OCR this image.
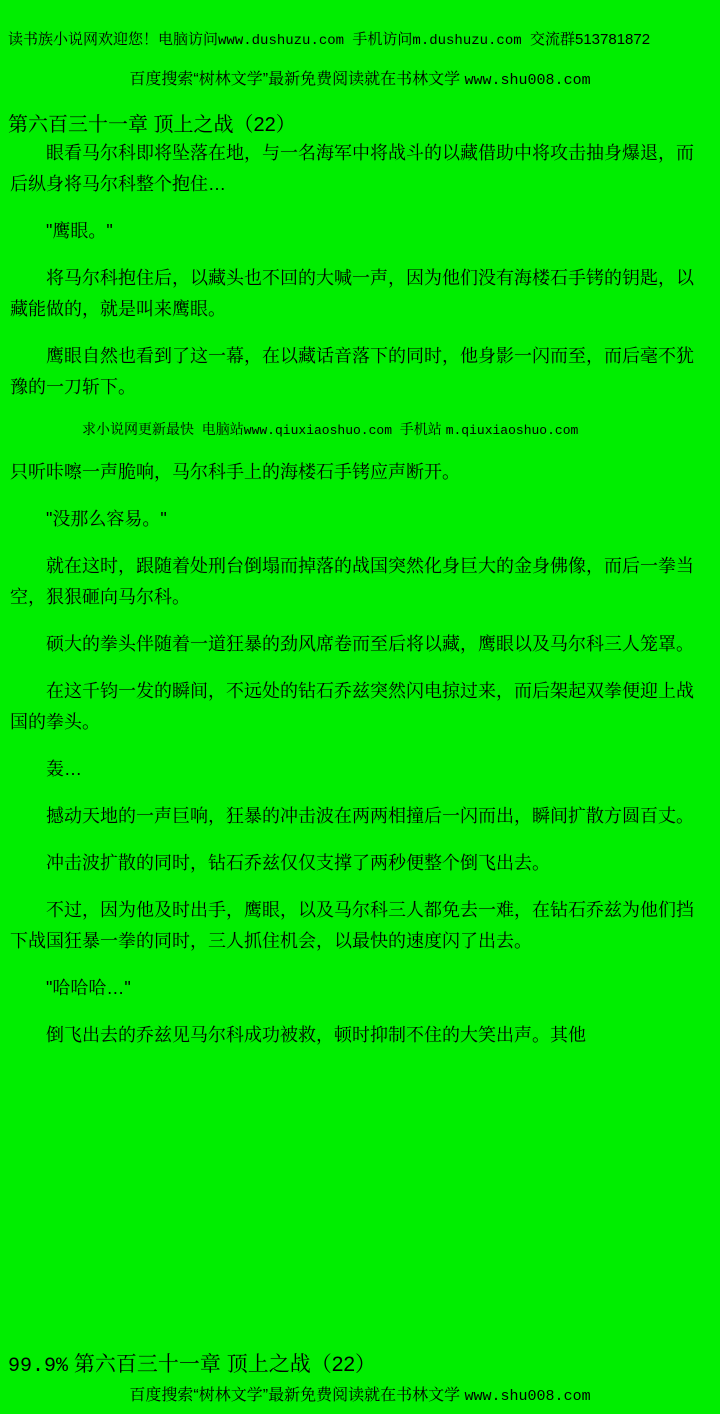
读书族小说网欢迎您！电脑访问www.dushuzu.com 手机访问m.dushuzu.com 交流群513781872
百度搜索“树林文学”最新免费阅读就在书林文学 www.shu008.com
第六百三十一章 顶上之战（22）

眼看马尔科即将坠落在地，与一名海军中将战斗的以藏借助中将攻击抽身爆退，而后纵身将马尔科整个抱住…

"鹰眼。"

将马尔科抱住后，以藏头也不回的大喊一声，因为他们没有海楼石手铐的钥匙，以藏能做的，就是叫来鹰眼。

鹰眼自然也看到了这一幕，在以藏话音落下的同时，他身影一闪而至，而后毫不犹豫的一刀斩下。

求小说网更新最快 电脑站www.qiuxiaoshuo.com 手机站 m.qiuxiaoshuo.com

只听咔嚓一声脆响，马尔科手上的海楼石手铐应声断开。

"没那么容易。"

就在这时，跟随着处刑台倒塌而掉落的战国突然化身巨大的金身佛像，而后一拳当空，狠狠砸向马尔科。

硕大的拳头伴随着一道狂暴的劲风席卷而至后将以藏，鹰眼以及马尔科三人笼罩。

在这千钧一发的瞬间，不远处的钻石乔兹突然闪电掠过来，而后架起双拳便迎上战国的拳头。

轰…

撼动天地的一声巨响，狂暴的冲击波在两两相撞后一闪而出，瞬间扩散方圆百丈。

冲击波扩散的同时，钻石乔兹仅仅支撑了两秒便整个倒飞出去。

不过，因为他及时出手，鹰眼，以及马尔科三人都免去一难，在钻石乔兹为他们挡下战国狂暴一拳的同时，三人抓住机会，以最快的速度闪了出去。

"哈哈哈…"

倒飞出去的乔兹见马尔科成功被救，顿时抑制不住的大笑出声。其他

99.9% 第六百三十一章 顶上之战（22）
百度搜索“树林文学”最新免费阅读就在书林文学 www.shu008.com
